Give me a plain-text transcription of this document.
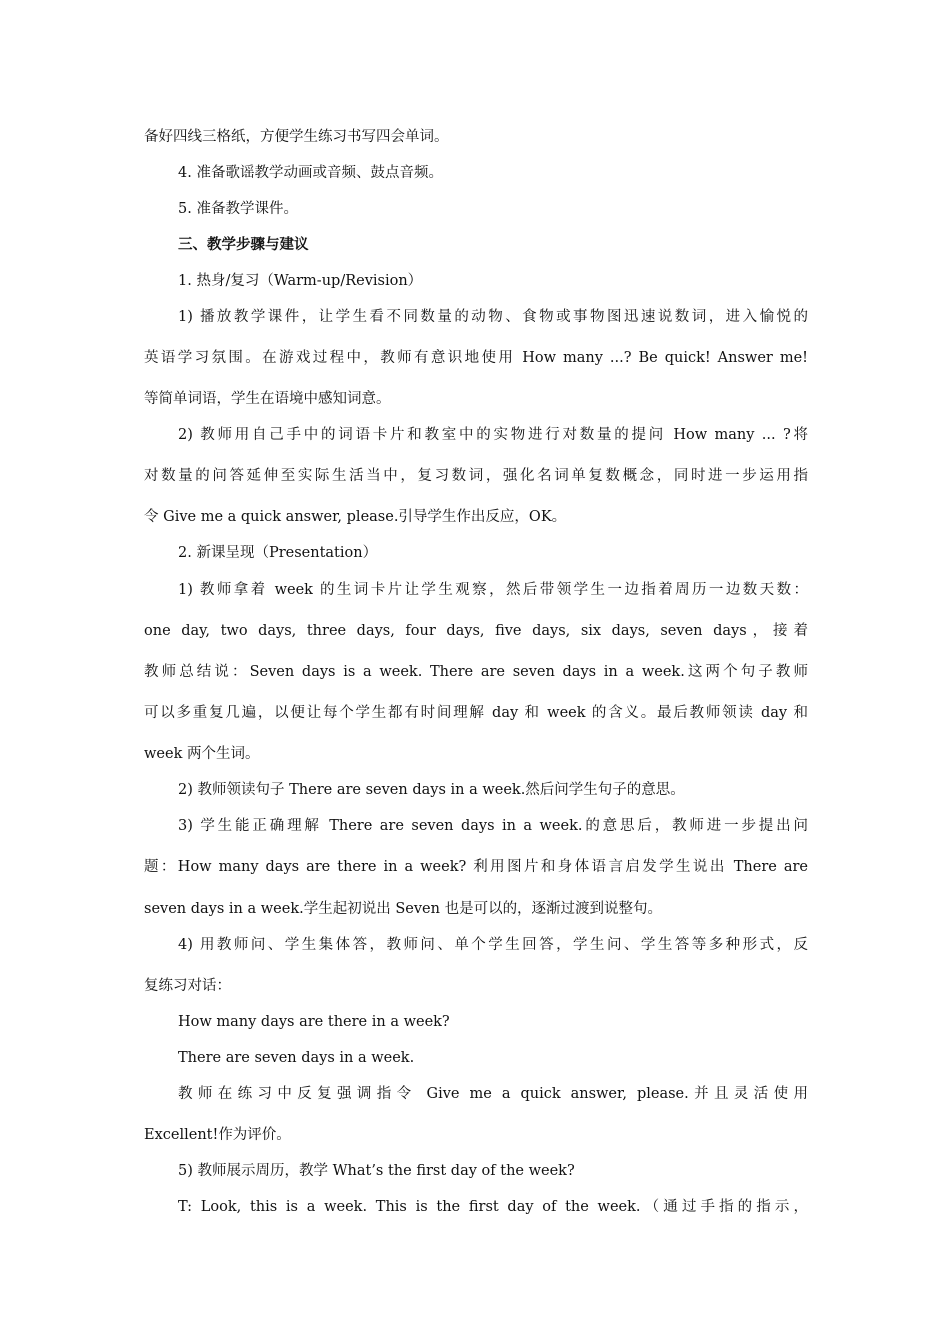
备好四线三格纸，方便学生练习书写四会单词。
4. 准备歌谣教学动画或音频、鼓点音频。
5. 准备教学课件。
三、教学步骤与建议
1. 热身/复习（Warm-up/Revision）
1) 播放教学课件，让学生看不同数量的动物、食物或事物图迅速说数词，进入愉悦的
英语学习氛围。在游戏过程中，教师有意识地使用 How many ...? Be quick! Answer me!
等简单词语，学生在语境中感知词意。
2) 教师用自己手中的词语卡片和教室中的实物进行对数量的提问 How many ... ?将
对数量的问答延伸至实际生活当中，复习数词，强化名词单复数概念，同时进一步运用指
令 Give me a quick answer, please.引导学生作出反应，OK。
2. 新课呈现（Presentation）
1) 教师拿着 week 的生词卡片让学生观察，然后带领学生一边指着周历一边数天数：
one day, two days, three days, four days, five days, six days, seven days，接着
教师总结说：Seven days is a week. There are seven days in a week.这两个句子教师
可以多重复几遍，以便让每个学生都有时间理解 day 和 week 的含义。最后教师领读 day 和
week 两个生词。
2) 教师领读句子 There are seven days in a week.然后问学生句子的意思。
3) 学生能正确理解 There are seven days in a week.的意思后，教师进一步提出问
题：How many days are there in a week? 利用图片和身体语言启发学生说出 There are
seven days in a week.学生起初说出 Seven 也是可以的，逐渐过渡到说整句。
4) 用教师问、学生集体答，教师问、单个学生回答，学生问、学生答等多种形式，反
复练习对话：
How many days are there in a week?
There are seven days in a week.
教师在练习中反复强调指令 Give me a quick answer, please.并且灵活使用
Excellent!作为评价。
5) 教师展示周历，教学 What’s the first day of the week?
T: Look, this is a week. This is the first day of the week.（通过手指的指示，
